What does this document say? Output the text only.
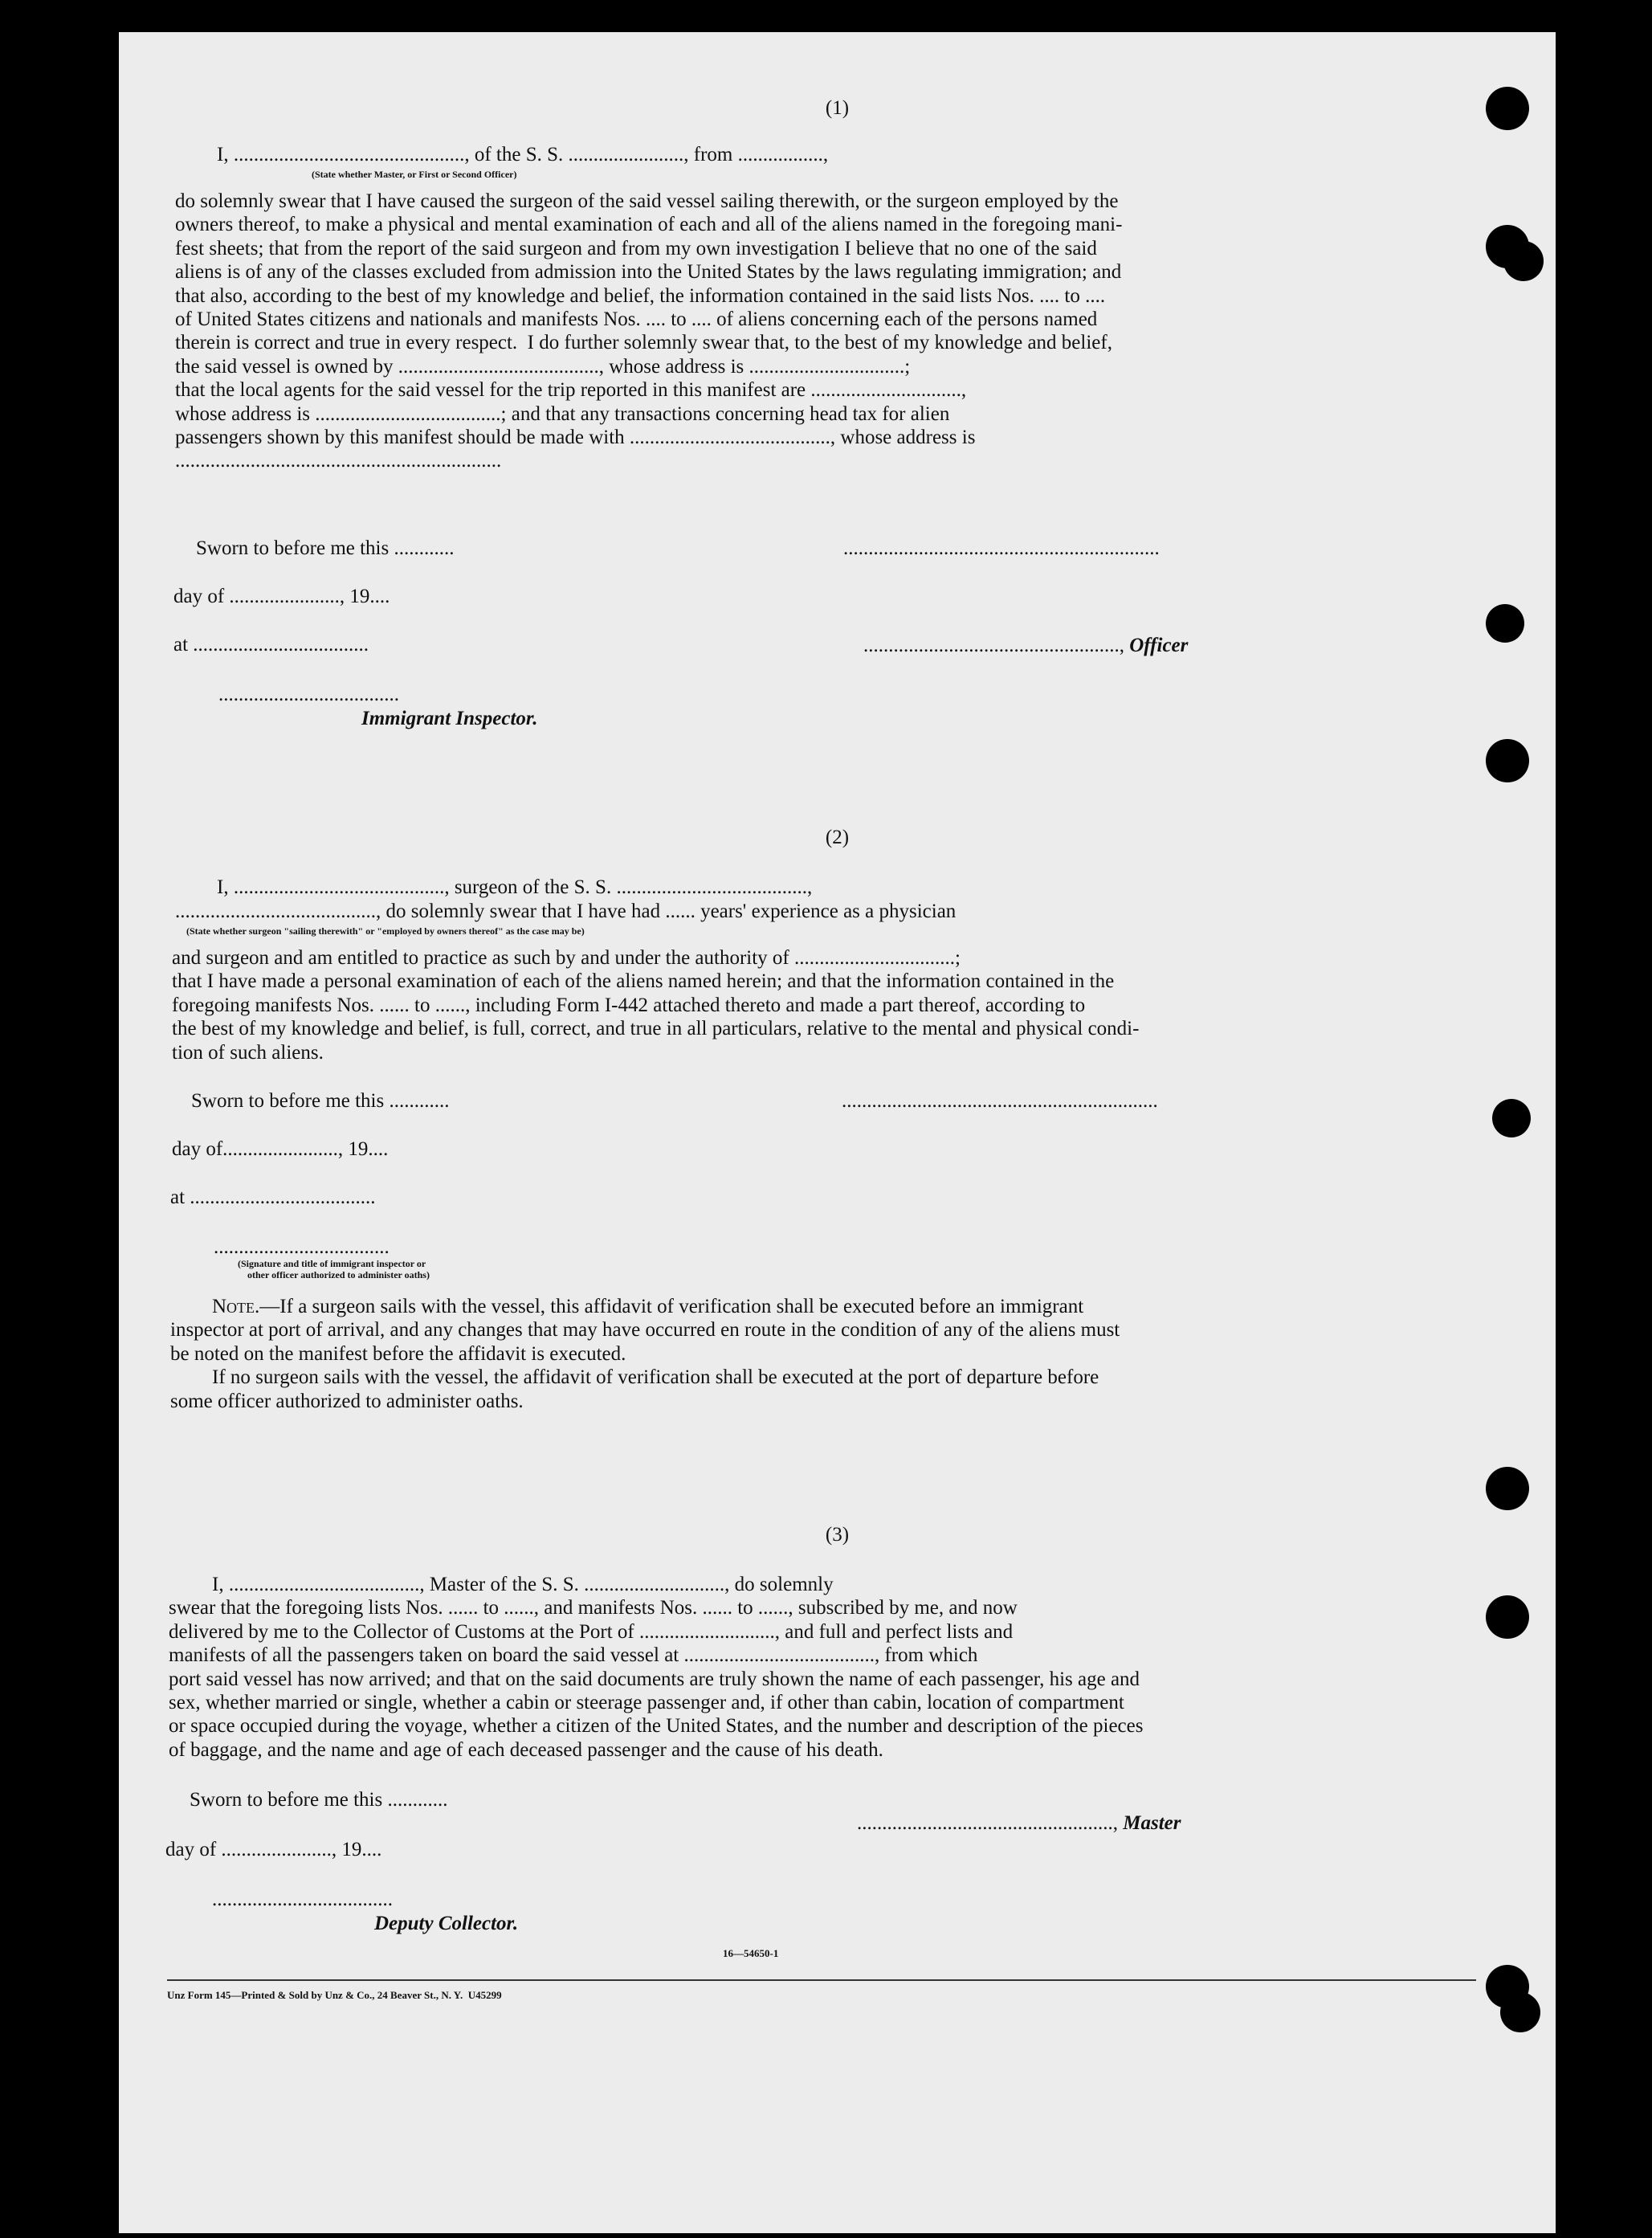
(1)
I, .............................................., of the S. S. ......................., from .................,
(State whether Master, or First or Second Officer)
do solemnly swear that I have caused the surgeon of the said vessel sailing therewith, or the surgeon employed by the
owners thereof, to make a physical and mental examination of each and all of the aliens named in the foregoing mani-
fest sheets; that from the report of the said surgeon and from my own investigation I believe that no one of the said
aliens is of any of the classes excluded from admission into the United States by the laws regulating immigration; and
that also, according to the best of my knowledge and belief, the information contained in the said lists Nos. .... to ....
of United States citizens and nationals and manifests Nos. .... to .... of aliens concerning each of the persons named
therein is correct and true in every respect.  I do further solemnly swear that, to the best of my knowledge and belief,
the said vessel is owned by ........................................, whose address is ...............................;
that the local agents for the said vessel for the trip reported in this manifest are ..............................,
whose address is .....................................; and that any transactions concerning head tax for alien
passengers shown by this manifest should be made with ........................................, whose address is
.................................................................
Sworn to before me this ............	...............................................................
day of ......................, 19....

..................................................., Officer

at ...................................
....................................
Immigrant Inspector.
(2)
I, .........................................., surgeon of the S. S. ......................................,
........................................, do solemnly swear that I have had ...... years' experience as a physician
(State whether surgeon "sailing therewith" or "employed by owners thereof" as the case may be)
and surgeon and am entitled to practice as such by and under the authority of ................................;
that I have made a personal examination of each of the aliens named herein; and that the information contained in the
foregoing manifests Nos. ...... to ......, including Form I-442 attached thereto and made a part thereof, according to
the best of my knowledge and belief, is full, correct, and true in all particulars, relative to the mental and physical condi-
tion of such aliens.
Sworn to before me this ............	...............................................................
day of......................., 19....
at .....................................
...................................
(Signature and title of immigrant inspector or
other officer authorized to administer oaths)
Note.—If a surgeon sails with the vessel, this affidavit of verification shall be executed before an immigrant
inspector at port of arrival, and any changes that may have occurred en route in the condition of any of the aliens must
be noted on the manifest before the affidavit is executed.
If no surgeon sails with the vessel, the affidavit of verification shall be executed at the port of departure before
some officer authorized to administer oaths.
(3)
I, ......................................, Master of the S. S. ............................, do solemnly
swear that the foregoing lists Nos. ...... to ......, and manifests Nos. ...... to ......, subscribed by me, and now
delivered by me to the Collector of Customs at the Port of ..........................., and full and perfect lists and
manifests of all the passengers taken on board the said vessel at ......................................, from which
port said vessel has now arrived; and that on the said documents are truly shown the name of each passenger, his age and
sex, whether married or single, whether a cabin or steerage passenger and, if other than cabin, location of compartment
or space occupied during the voyage, whether a citizen of the United States, and the number and description of the pieces
of baggage, and the name and age of each deceased passenger and the cause of his death.
Sworn to before me this ............

..................................................., Master

day of ......................, 19....
....................................
Deputy Collector.
16—54650-1
Unz Form 145—Printed & Sold by Unz & Co., 24 Beaver St., N. Y.  U45299
